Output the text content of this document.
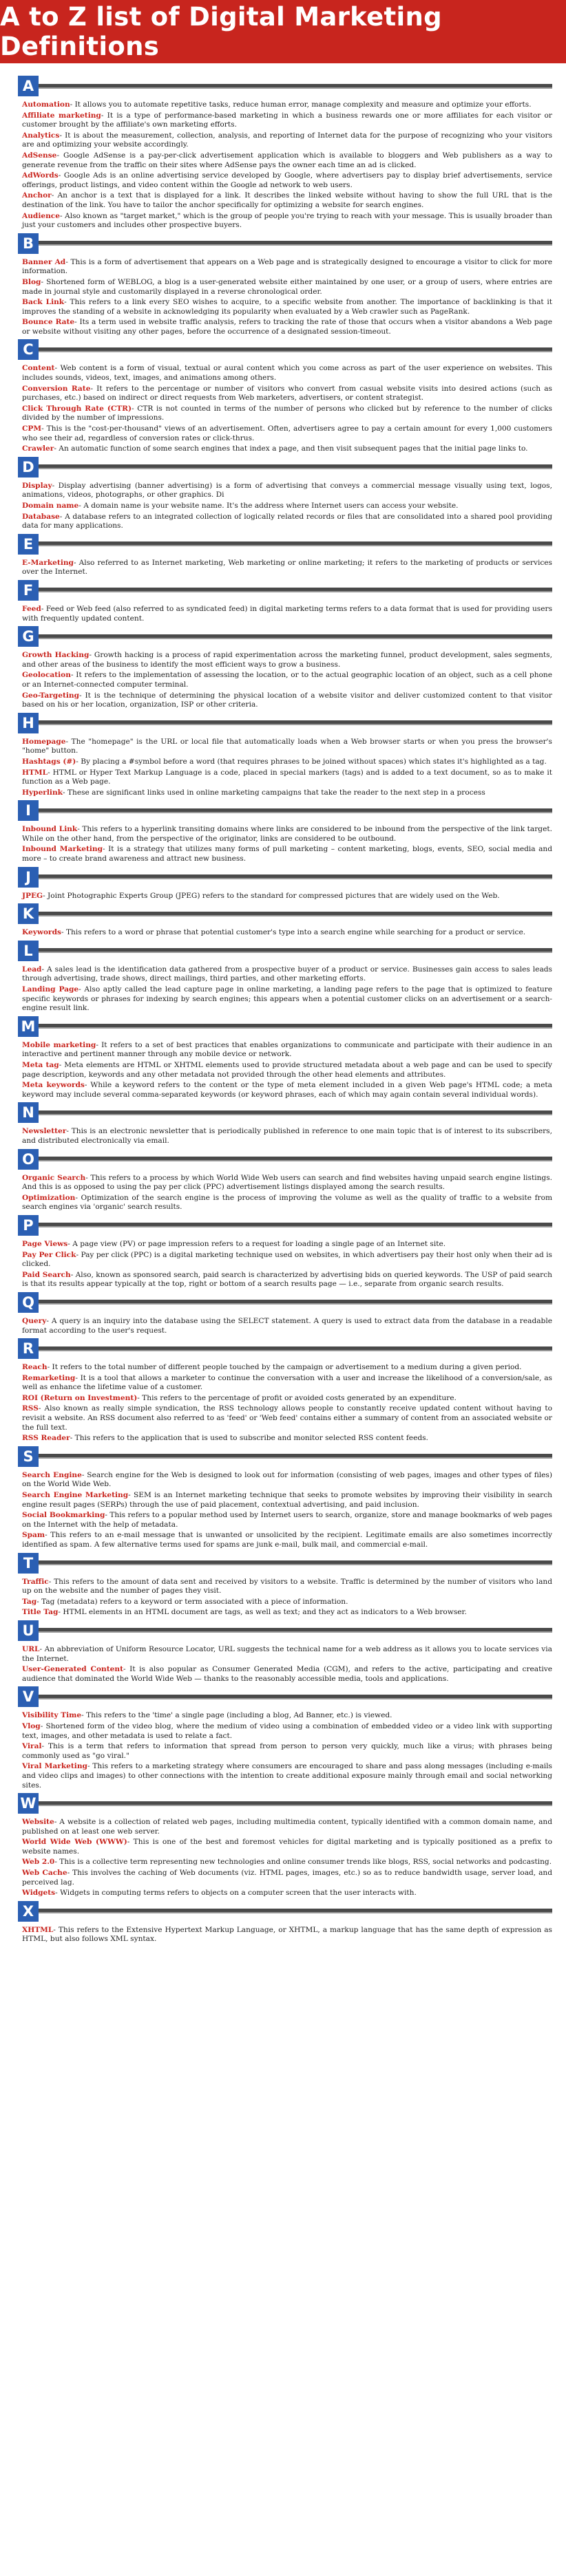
A to Z list of Digital Marketing Definitions
A

Automation- It allows you to automate repetitive tasks, reduce human error, manage complexity and measure and optimize your efforts.

Affiliate marketing- It is a type of performance-based marketing in which a business rewards one or more affiliates for each visitor or customer brought by the affiliate's own marketing efforts.

Analytics- It is about the measurement, collection, analysis, and reporting of Internet data for the purpose of recognizing who your visitors are and optimizing your website accordingly.

AdSense- Google AdSense is a pay-per-click advertisement application which is available to bloggers and Web publishers as a way to generate revenue from the traffic on their sites where AdSense pays the owner each time an ad is clicked.

AdWords- Google Ads is an online advertising service developed by Google, where advertisers pay to display brief advertisements, service offerings, product listings, and video content within the Google ad network to web users.

Anchor- An anchor is a text that is displayed for a link. It describes the linked website without having to show the full URL that is the destination of the link. You have to tailor the anchor specifically for optimizing a website for search engines.

Audience- Also known as "target market," which is the group of people you're trying to reach with your message. This is usually broader than just your customers and includes other prospective buyers.

B

Banner Ad- This is a form of advertisement that appears on a Web page and is strategically designed to encourage a visitor to click for more information.

Blog- Shortened form of WEBLOG, a blog is a user-generated website either maintained by one user, or a group of users, where entries are made in journal style and customarily displayed in a reverse chronological order.

Back Link- This refers to a link every SEO wishes to acquire, to a specific website from another. The importance of backlinking is that it improves the standing of a website in acknowledging its popularity when evaluated by a Web crawler such as PageRank.

Bounce Rate- Its a term used in website traffic analysis, refers to tracking the rate of those that occurs when a visitor abandons a Web page or website without visiting any other pages, before the occurrence of a designated session-timeout.

C

Content- Web content is a form of visual, textual or aural content which you come across as part of the user experience on websites. This includes sounds, videos, text, images, and animations among others.

Conversion Rate- It refers to the percentage or number of visitors who convert from casual website visits into desired actions (such as purchases, etc.) based on indirect or direct requests from Web marketers, advertisers, or content strategist.

Click Through Rate (CTR)- CTR is not counted in terms of the number of persons who clicked but by reference to the number of clicks divided by the number of impressions.

CPM- This is the "cost-per-thousand" views of an advertisement. Often, advertisers agree to pay a certain amount for every 1,000 customers who see their ad, regardless of conversion rates or click-thrus.

Crawler- An automatic function of some search engines that index a page, and then visit subsequent pages that the initial page links to.

D

Display- Display advertising (banner advertising) is a form of advertising that conveys a commercial message visually using text, logos, animations, videos, photographs, or other graphics. Di

Domain name- A domain name is your website name. It's the address where Internet users can access your website.

Database- A database refers to an integrated collection of logically related records or files that are consolidated into a shared pool providing data for many applications.

E

E-Marketing- Also referred to as Internet marketing, Web marketing or online marketing; it refers to the marketing of products or services over the Internet.

F

Feed- Feed or Web feed (also referred to as syndicated feed) in digital marketing terms refers to a data format that is used for providing users with frequently updated content.

G

Growth Hacking- Growth hacking is a process of rapid experimentation across the marketing funnel, product development, sales segments, and other areas of the business to identify the most efficient ways to grow a business.

Geolocation- It refers to the implementation of assessing the location, or to the actual geographic location of an object, such as a cell phone or an Internet-connected computer terminal.

Geo-Targeting- It is the technique of determining the physical location of a website visitor and deliver customized content to that visitor based on his or her location, organization, ISP or other criteria.

H

Homepage- The "homepage" is the URL or local file that automatically loads when a Web browser starts or when you press the browser's "home" button.

Hashtags (#)- By placing a #symbol before a word (that requires phrases to be joined without spaces) which states it's highlighted as a tag.

HTML- HTML or Hyper Text Markup Language is a code, placed in special markers (tags) and is added to a text document, so as to make it function as a Web page.

Hyperlink- These are significant links used in online marketing campaigns that take the reader to the next step in a process

I

Inbound Link- This refers to a hyperlink transiting domains where links are considered to be inbound from the perspective of the link target. While on the other hand, from the perspective of the originator, links are considered to be outbound.

Inbound Marketing- It is a strategy that utilizes many forms of pull marketing – content marketing, blogs, events, SEO, social media and more – to create brand awareness and attract new business.

J

JPEG- Joint Photographic Experts Group (JPEG) refers to the standard for compressed pictures that are widely used on the Web.

K

Keywords- This refers to a word or phrase that potential customer's type into a search engine while searching for a product or service.

L

Lead- A sales lead is the identification data gathered from a prospective buyer of a product or service. Businesses gain access to sales leads through advertising, trade shows, direct mailings, third parties, and other marketing efforts.

Landing Page- Also aptly called the lead capture page in online marketing, a landing page refers to the page that is optimized to feature specific keywords or phrases for indexing by search engines; this appears when a potential customer clicks on an advertisement or a search-engine result link.

M

Mobile marketing- It refers to a set of best practices that enables organizations to communicate and participate with their audience in an interactive and pertinent manner through any mobile device or network.

Meta tag- Meta elements are HTML or XHTML elements used to provide structured metadata about a web page and can be used to specify page description, keywords and any other metadata not provided through the other head elements and attributes.

Meta keywords- While a keyword refers to the content or the type of meta element included in a given Web page's HTML code; a meta keyword may include several comma-separated keywords (or keyword phrases, each of which may again contain several individual words).

N

Newsletter- This is an electronic newsletter that is periodically published in reference to one main topic that is of interest to its subscribers, and distributed electronically via email.

O

Organic Search- This refers to a process by which World Wide Web users can search and find websites having unpaid search engine listings. And this is as opposed to using the pay per click (PPC) advertisement listings displayed among the search results.

Optimization- Optimization of the search engine is the process of improving the volume as well as the quality of traffic to a website from search engines via 'organic' search results.

P

Page Views- A page view (PV) or page impression refers to a request for loading a single page of an Internet site.

Pay Per Click- Pay per click (PPC) is a digital marketing technique used on websites, in which advertisers pay their host only when their ad is clicked.

Paid Search- Also, known as sponsored search, paid search is characterized by advertising bids on queried keywords. The USP of paid search is that its results appear typically at the top, right or bottom of a search results page — i.e., separate from organic search results.

Q

Query- A query is an inquiry into the database using the SELECT statement. A query is used to extract data from the database in a readable format according to the user's request.

R

Reach- It refers to the total number of different people touched by the campaign or advertisement to a medium during a given period.

Remarketing- It is a tool that allows a marketer to continue the conversation with a user and increase the likelihood of a conversion/sale, as well as enhance the lifetime value of a customer.

ROI (Return on Investment)- This refers to the percentage of profit or avoided costs generated by an expenditure.

RSS- Also known as really simple syndication, the RSS technology allows people to constantly receive updated content without having to revisit a website. An RSS document also referred to as 'feed' or 'Web feed' contains either a summary of content from an associated website or the full text.

RSS Reader- This refers to the application that is used to subscribe and monitor selected RSS content feeds.

S

Search Engine- Search engine for the Web is designed to look out for information (consisting of web pages, images and other types of files) on the World Wide Web.

Search Engine Marketing- SEM is an Internet marketing technique that seeks to promote websites by improving their visibility in search engine result pages (SERPs) through the use of paid placement, contextual advertising, and paid inclusion.

Social Bookmarking- This refers to a popular method used by Internet users to search, organize, store and manage bookmarks of web pages on the Internet with the help of metadata.

Spam- This refers to an e-mail message that is unwanted or unsolicited by the recipient. Legitimate emails are also sometimes incorrectly identified as spam. A few alternative terms used for spams are junk e-mail, bulk mail, and commercial e-mail.

T

Traffic- This refers to the amount of data sent and received by visitors to a website. Traffic is determined by the number of visitors who land up on the website and the number of pages they visit.

Tag- Tag (metadata) refers to a keyword or term associated with a piece of information.

Title Tag- HTML elements in an HTML document are tags, as well as text; and they act as indicators to a Web browser.

U

URL- An abbreviation of Uniform Resource Locator, URL suggests the technical name for a web address as it allows you to locate services via the Internet.

User-Generated Content- It is also popular as Consumer Generated Media (CGM), and refers to the active, participating and creative audience that dominated the World Wide Web — thanks to the reasonably accessible media, tools and applications.

V

Visibility Time- This refers to the 'time' a single page (including a blog, Ad Banner, etc.) is viewed.

Vlog- Shortened form of the video blog, where the medium of video using a combination of embedded video or a video link with supporting text, images, and other metadata is used to relate a fact.

Viral- This is a term that refers to information that spread from person to person very quickly, much like a virus; with phrases being commonly used as "go viral."

Viral Marketing- This refers to a marketing strategy where consumers are encouraged to share and pass along messages (including e-mails and video clips and images) to other connections with the intention to create additional exposure mainly through email and social networking sites.

W

Website- A website is a collection of related web pages, including multimedia content, typically identified with a common domain name, and published on at least one web server.

World Wide Web (WWW)- This is one of the best and foremost vehicles for digital marketing and is typically positioned as a prefix to website names.

Web 2.0- This is a collective term representing new technologies and online consumer trends like blogs, RSS, social networks and podcasting.

Web Cache- This involves the caching of Web documents (viz. HTML pages, images, etc.) so as to reduce bandwidth usage, server load, and perceived lag.

Widgets- Widgets in computing terms refers to objects on a computer screen that the user interacts with.

X

XHTML- This refers to the Extensive Hypertext Markup Language, or XHTML, a markup language that has the same depth of expression as HTML, but also follows XML syntax.
